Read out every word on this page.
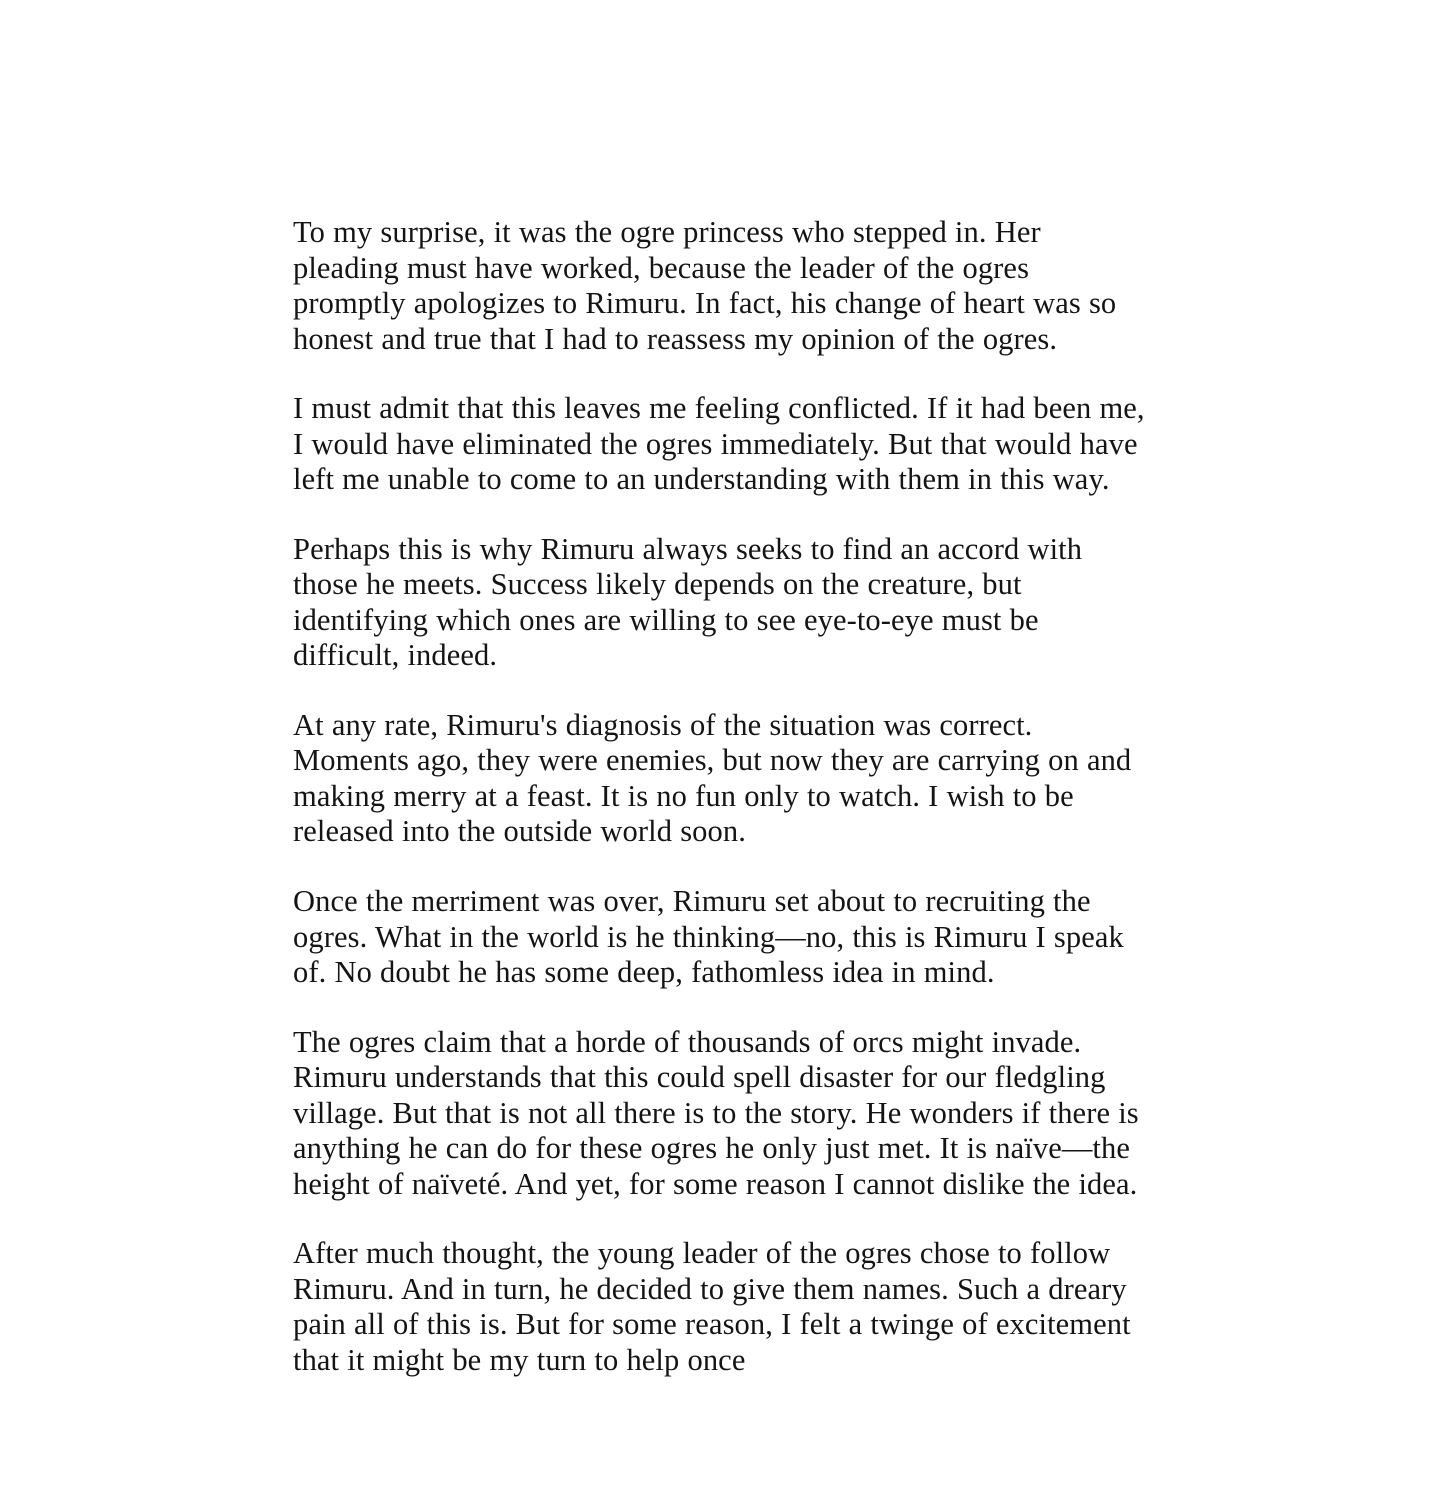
To my surprise, it was the ogre princess who stepped in. Her pleading must have worked, because the leader of the ogres promptly apologizes to Rimuru. In fact, his change of heart was so honest and true that I had to reassess my opinion of the ogres.

I must admit that this leaves me feeling conflicted. If it had been me, I would have eliminated the ogres immediately. But that would have left me unable to come to an understanding with them in this way.

Perhaps this is why Rimuru always seeks to find an accord with those he meets. Success likely depends on the creature, but identifying which ones are willing to see eye-to-eye must be difficult, indeed.

At any rate, Rimuru's diagnosis of the situation was correct. Moments ago, they were enemies, but now they are carrying on and making merry at a feast. It is no fun only to watch. I wish to be released into the outside world soon.

Once the merriment was over, Rimuru set about to recruiting the ogres. What in the world is he thinking—no, this is Rimuru I speak of. No doubt he has some deep, fathomless idea in mind.

The ogres claim that a horde of thousands of orcs might invade. Rimuru understands that this could spell disaster for our fledgling village. But that is not all there is to the story. He wonders if there is anything he can do for these ogres he only just met. It is naïve—the height of naïveté. And yet, for some reason I cannot dislike the idea.

After much thought, the young leader of the ogres chose to follow Rimuru. And in turn, he decided to give them names. Such a dreary pain all of this is. But for some reason, I felt a twinge of excitement that it might be my turn to help once
